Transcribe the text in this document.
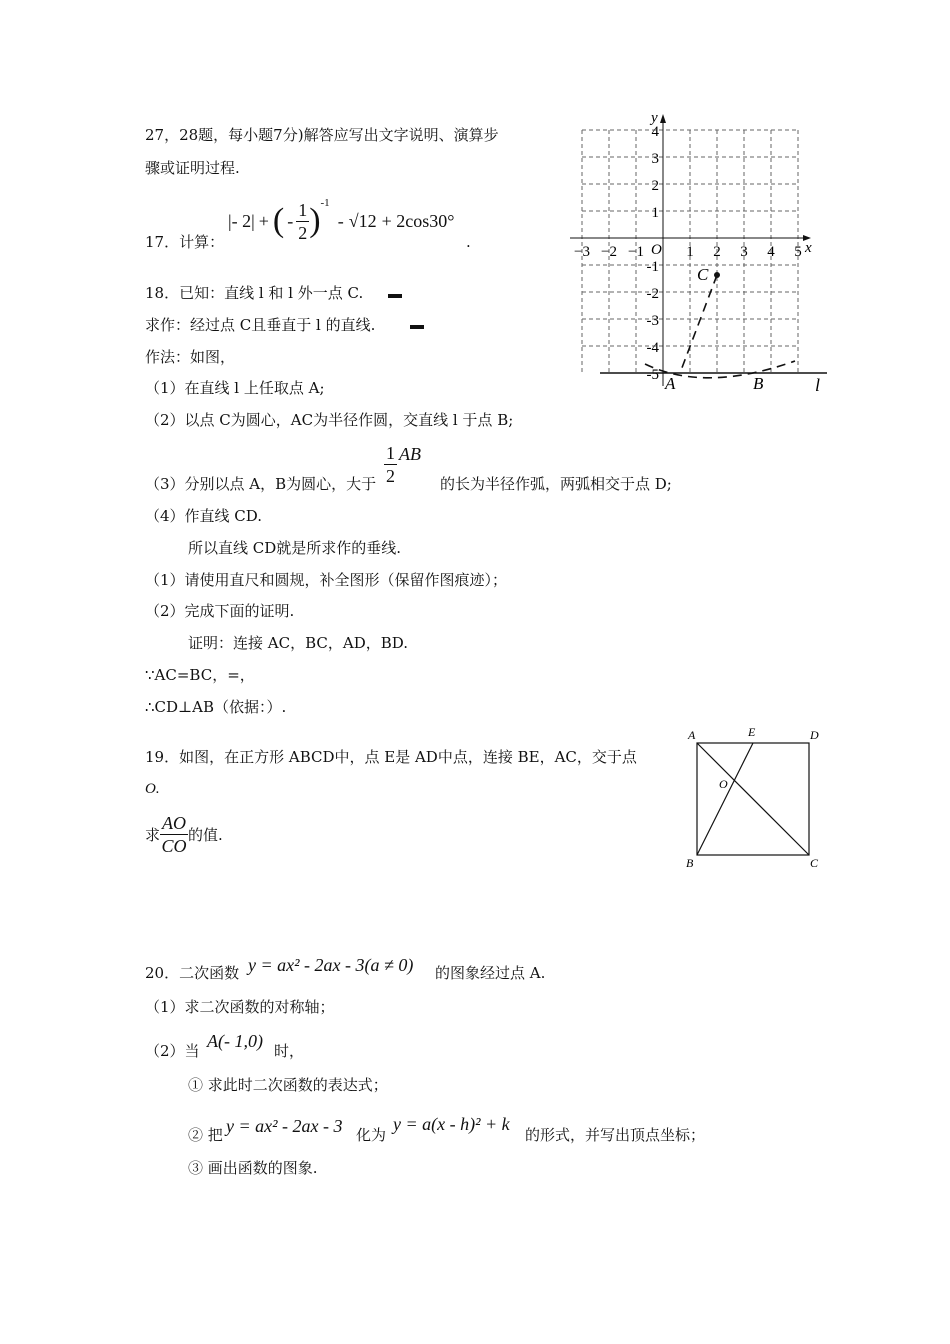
27，28题，每小题7分)解答应写出文字说明、演算步
骤或证明过程.
17．计算：
|- 2| + ( - $\frac{1}{2}$ ) -1
- √12 + 2cos30°
.
18．已知：直线 l 和 l 外一点 C.
求作：经过点 C且垂直于 l 的直线.
作法：如图，
（1）在直线 l 上任取点 A;
（2）以点 C为圆心，AC为半径作圆，交直线 l 于点 B;
（3）分别以点 A，B为圆心，大于 $\frac{1}{2}$ AB
的长为半径作弧，两弧相交于点 D;
（4）作直线 CD.
所以直线 CD就是所求作的垂线.
（1）请使用直尺和圆规，补全图形（保留作图痕迹）；
（2）完成下面的证明.
证明：连接 AC，BC，AD，BD.
∵AC=BC，=，
∴CD⊥AB（依据：）.
x
y
O
−3 −2 −1	1 2 3 4 5
4
3
2
1
-1
-2
-3
-4
-5	l
C
A	B
19．如图，在正方形 ABCD中，点 E是 AD中点，连接 BE，AC，交于点
O.
求 $\frac{AO}{CO}$ 的值.
A	E	D
O
B	C
20．二次函数 y = ax² - 2ax - 3(a ≠ 0) 的图象经过点 A.
（1）求二次函数的对称轴；
（2）当 A(- 1,0) 时，
① 求此时二次函数的表达式；
② 把 y = ax² - 2ax - 3 化为
y = a(x - h)² + k
的形式，并写出顶点坐标；
③ 画出函数的图象.
